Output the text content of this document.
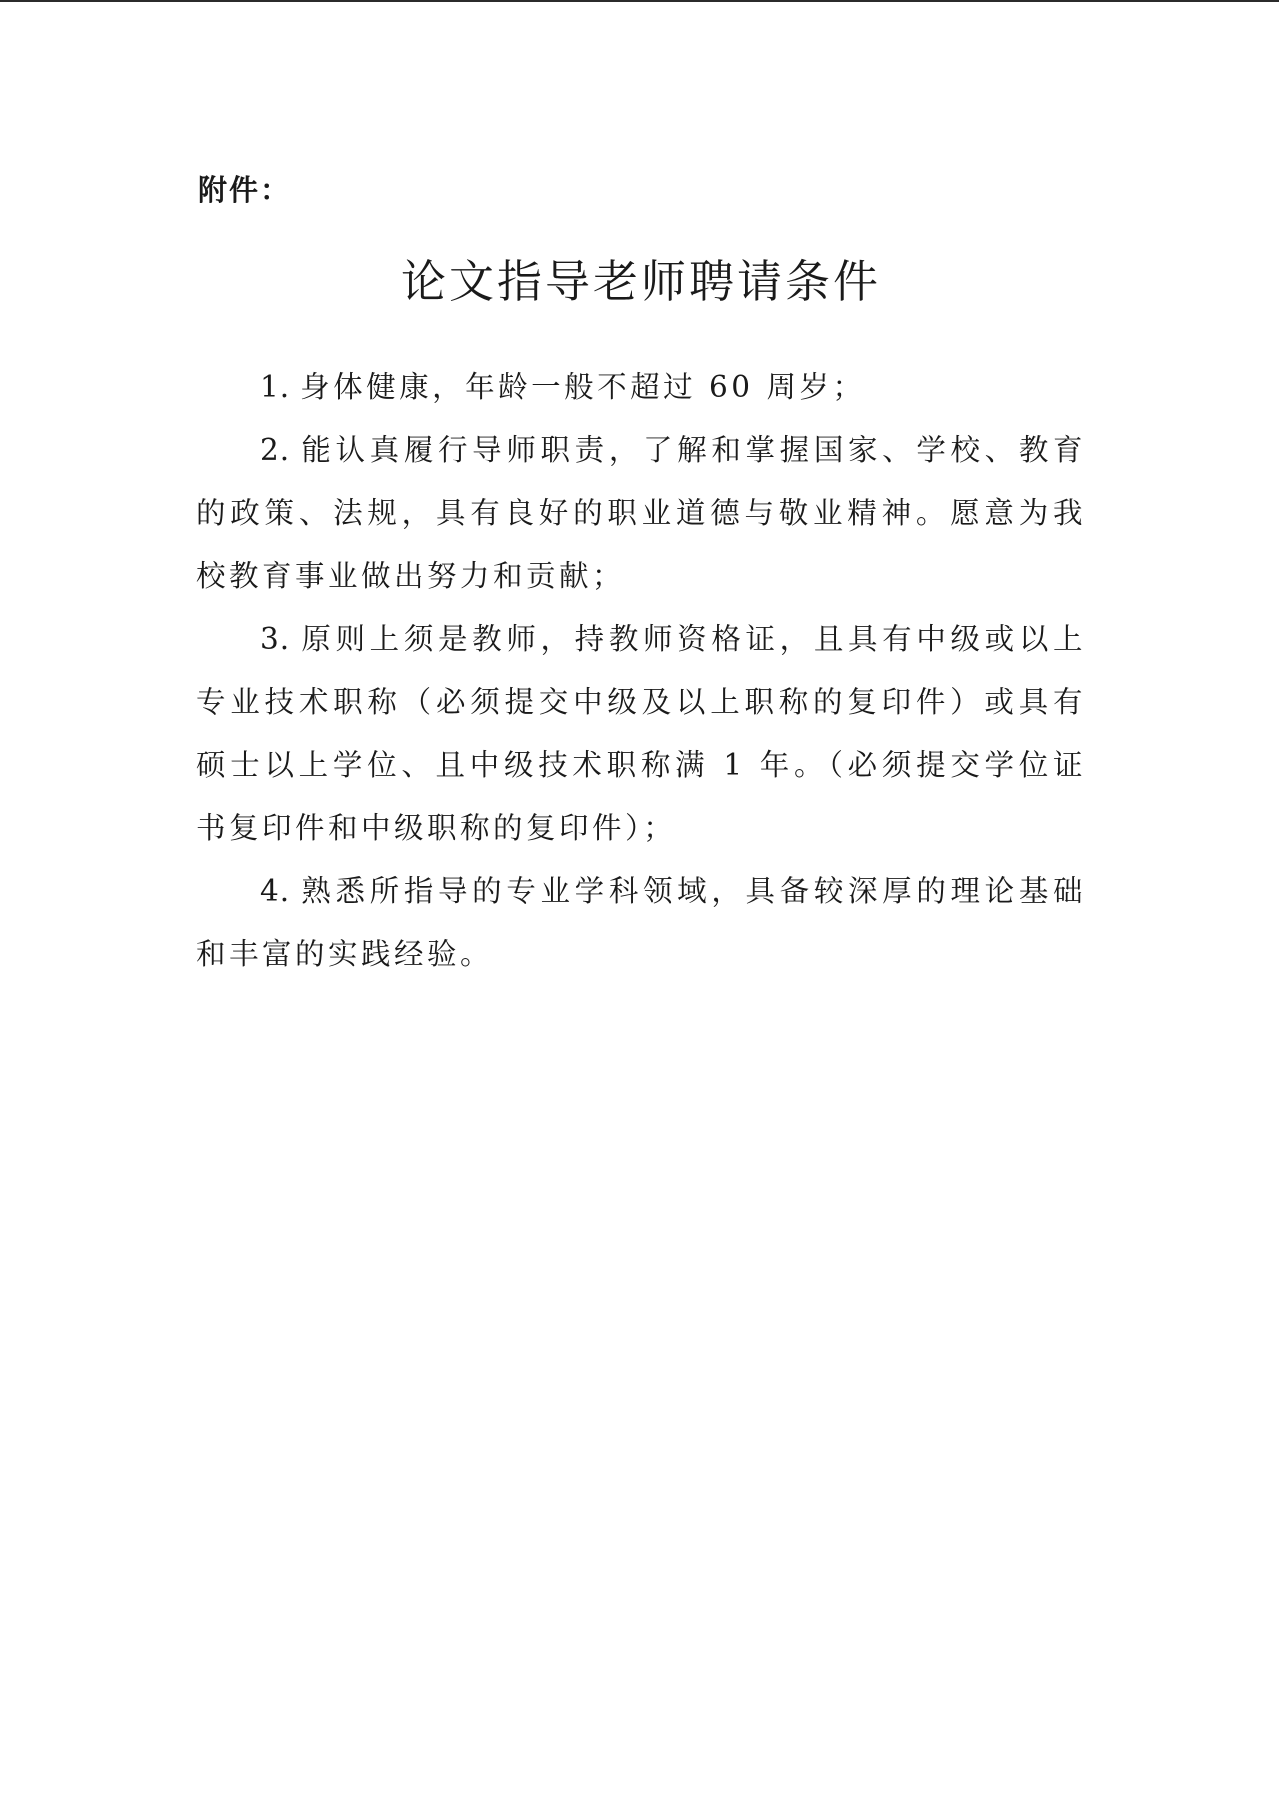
附件：

论文指导老师聘请条件
1. 身体健康，年龄一般不超过 60 周岁；
2. 能认真履行导师职责，了解和掌握国家、学校、教育的政策、法规，具有良好的职业道德与敬业精神。愿意为我校教育事业做出努力和贡献；
3. 原则上须是教师，持教师资格证，且具有中级或以上专业技术职称（必须提交中级及以上职称的复印件）或具有硕士以上学位、且中级技术职称满 1 年。（必须提交学位证书复印件和中级职称的复印件）；
4. 熟悉所指导的专业学科领域，具备较深厚的理论基础和丰富的实践经验。
